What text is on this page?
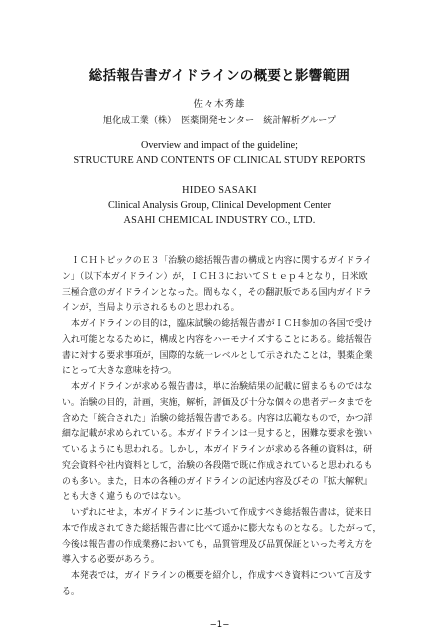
総括報告書ガイドラインの概要と影響範囲
佐々木秀雄
旭化成工業（株）　医薬開発センター　統計解析グループ
Overview and impact of the guideline;
STRUCTURE AND CONTENTS OF CLINICAL STUDY REPORTS
HIDEO SASAKI
Clinical Analysis Group, Clinical Development Center
ASAHI CHEMICAL INDUSTRY CO., LTD.
ＩＣＨトピックのＥ３「治験の総括報告書の構成と内容に関するガイドライ
ン」（以下本ガイドライン）が，ＩＣＨ３においてＳｔｅｐ４となり，日米欧
三極合意のガイドラインとなった。間もなく，その翻訳版である国内ガイドラ
インが，当局より示されるものと思われる。
本ガイドラインの目的は，臨床試験の総括報告書がＩＣＨ参加の各国で受け
入れ可能となるために，構成と内容をハーモナイズすることにある。総括報告
書に対する要求事項が，国際的な統一レベルとして示されたことは，製薬企業
にとって大きな意味を持つ。
本ガイドラインが求める報告書は，単に治験結果の記載に留まるものではな
い。治験の目的，計画，実施，解析，評価及び十分な個々の患者データまでを
含めた「統合された」治験の総括報告書である。内容は広範なもので，かつ詳
細な記載が求められている。本ガイドラインは一見すると，困難な要求を強い
ているようにも思われる。しかし，本ガイドラインが求める各種の資料は，研
究会資料や社内資料として，治験の各段階で既に作成されていると思われるも
のも多い。また，日本の各種のガイドラインの記述内容及びその『拡大解釈』
とも大きく違うものではない。
いずれにせよ，本ガイドラインに基づいて作成すべき総括報告書は，従来日
本で作成されてきた総括報告書に比べて遥かに膨大なものとなる。したがって，
今後は報告書の作成業務においても，品質管理及び品質保証といった考え方を
導入する必要があろう。
本発表では，ガイドラインの概要を紹介し，作成すべき資料について言及す
る。
−1−
